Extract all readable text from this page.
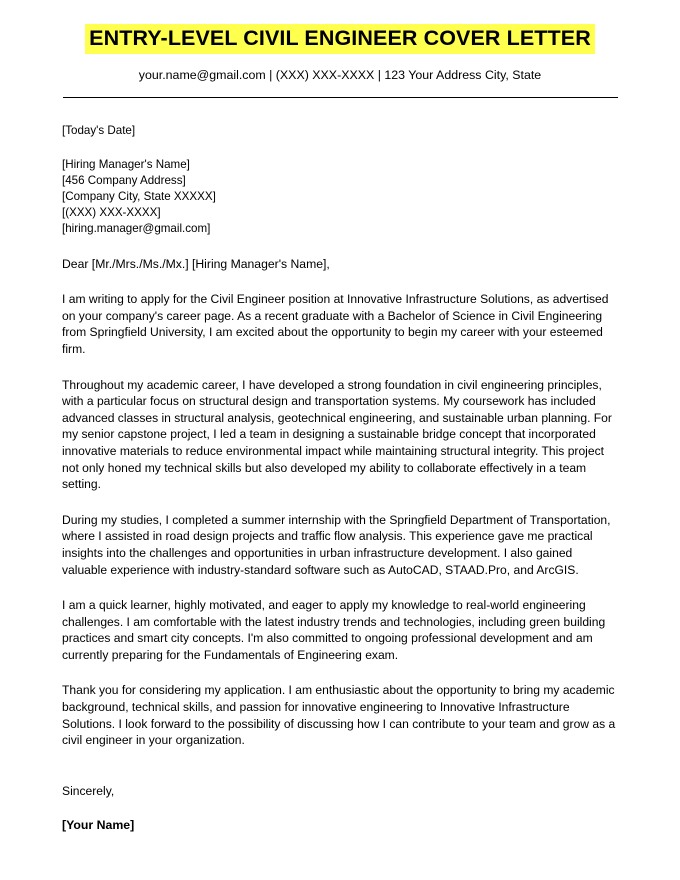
ENTRY-LEVEL CIVIL ENGINEER COVER LETTER
your.name@gmail.com | (XXX) XXX-XXXX | 123 Your Address City, State
[Today's Date]
[Hiring Manager's Name]
[456 Company Address]
[Company City, State XXXXX]
[(XXX) XXX-XXXX]
[hiring.manager@gmail.com]
Dear [Mr./Mrs./Ms./Mx.] [Hiring Manager's Name],

I am writing to apply for the Civil Engineer position at Innovative Infrastructure Solutions, as advertised on your company's career page. As a recent graduate with a Bachelor of Science in Civil Engineering from Springfield University, I am excited about the opportunity to begin my career with your esteemed firm.

Throughout my academic career, I have developed a strong foundation in civil engineering principles, with a particular focus on structural design and transportation systems. My coursework has included advanced classes in structural analysis, geotechnical engineering, and sustainable urban planning. For my senior capstone project, I led a team in designing a sustainable bridge concept that incorporated innovative materials to reduce environmental impact while maintaining structural integrity. This project not only honed my technical skills but also developed my ability to collaborate effectively in a team setting.

During my studies, I completed a summer internship with the Springfield Department of Transportation, where I assisted in road design projects and traffic flow analysis. This experience gave me practical insights into the challenges and opportunities in urban infrastructure development. I also gained valuable experience with industry-standard software such as AutoCAD, STAAD.Pro, and ArcGIS.

I am a quick learner, highly motivated, and eager to apply my knowledge to real-world engineering challenges. I am comfortable with the latest industry trends and technologies, including green building practices and smart city concepts. I'm also committed to ongoing professional development and am currently preparing for the Fundamentals of Engineering exam.

Thank you for considering my application. I am enthusiastic about the opportunity to bring my academic background, technical skills, and passion for innovative engineering to Innovative Infrastructure Solutions. I look forward to the possibility of discussing how I can contribute to your team and grow as a civil engineer in your organization.

Sincerely,
[Your Name]
